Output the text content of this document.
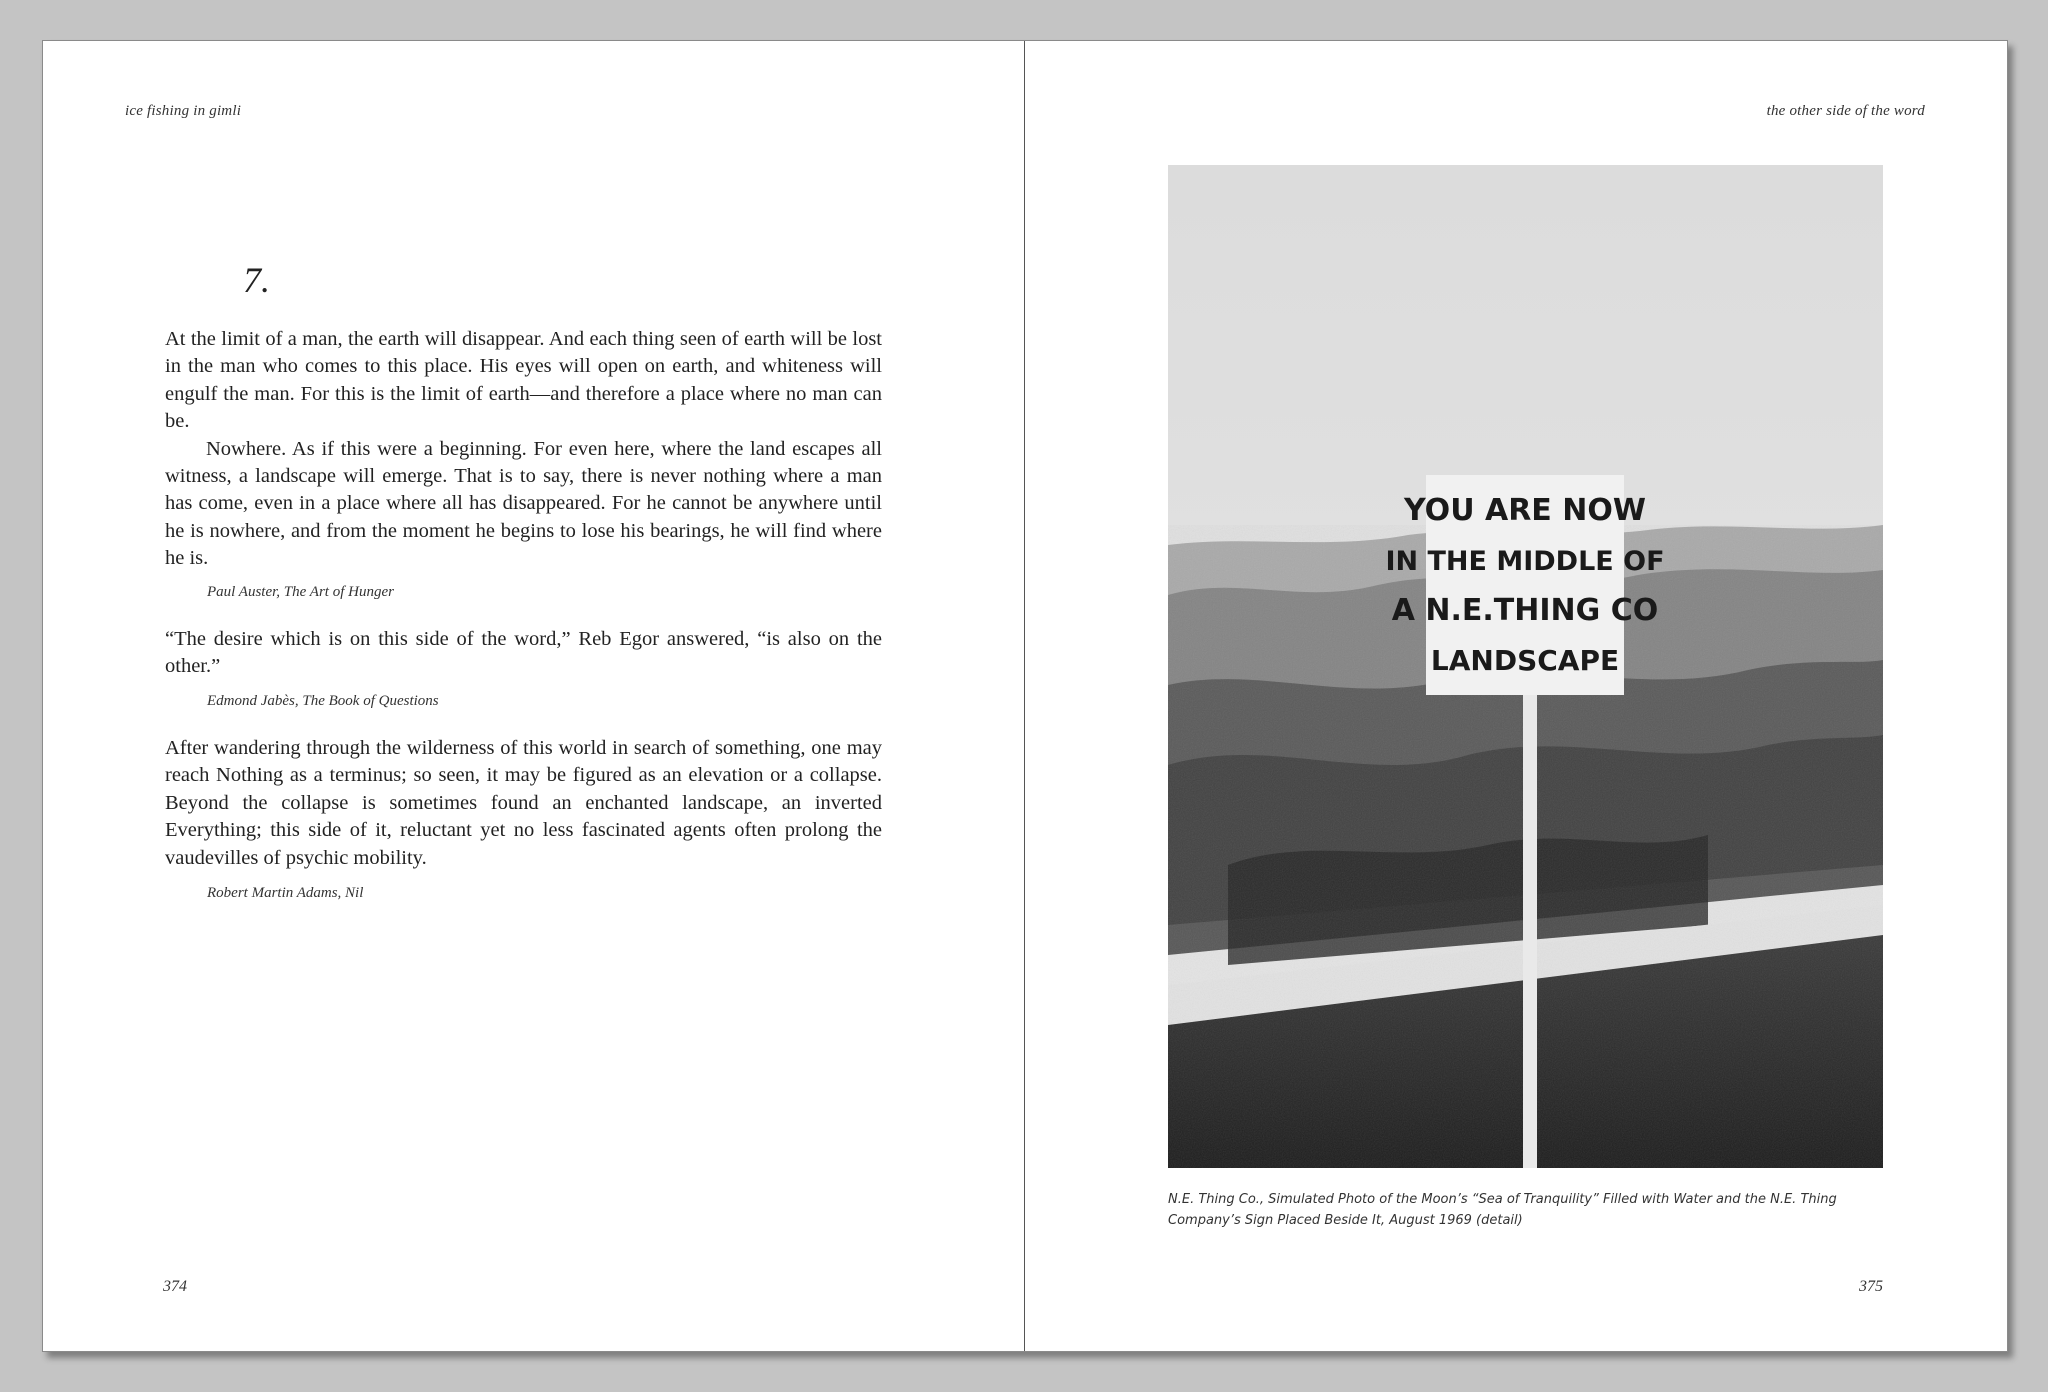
ice fishing in gimli
7.

At the limit of a man, the earth will disappear. And each thing seen of earth will be lost in the man who comes to this place. His eyes will open on earth, and whiteness will engulf the man. For this is the limit of earth—and therefore a place where no man can be.

Nowhere. As if this were a beginning. For even here, where the land escapes all witness, a landscape will emerge. That is to say, there is never nothing where a man has come, even in a place where all has disappeared. For he cannot be anywhere until he is nowhere, and from the moment he begins to lose his bearings, he will find where he is.

Paul Auster, The Art of Hunger

“The desire which is on this side of the word,” Reb Egor answered, “is also on the other.”

Edmond Jabès, The Book of Questions

After wandering through the wilderness of this world in search of something, one may reach Nothing as a terminus; so seen, it may be figured as an elevation or a collapse. Beyond the collapse is sometimes found an enchanted landscape, an inverted Everything; this side of it, reluctant yet no less fascinated agents often prolong the vaudevilles of psychic mobility.

Robert Martin Adams, Nil
374
the other side of the word
YOU ARE NOW
IN THE MIDDLE OF
A N.E.THING CO
LANDSCAPE
N.E. Thing Co., Simulated Photo of the Moon’s “Sea of Tranquility” Filled with Water and the N.E. Thing Company’s Sign Placed Beside It, August 1969 (detail)
375
